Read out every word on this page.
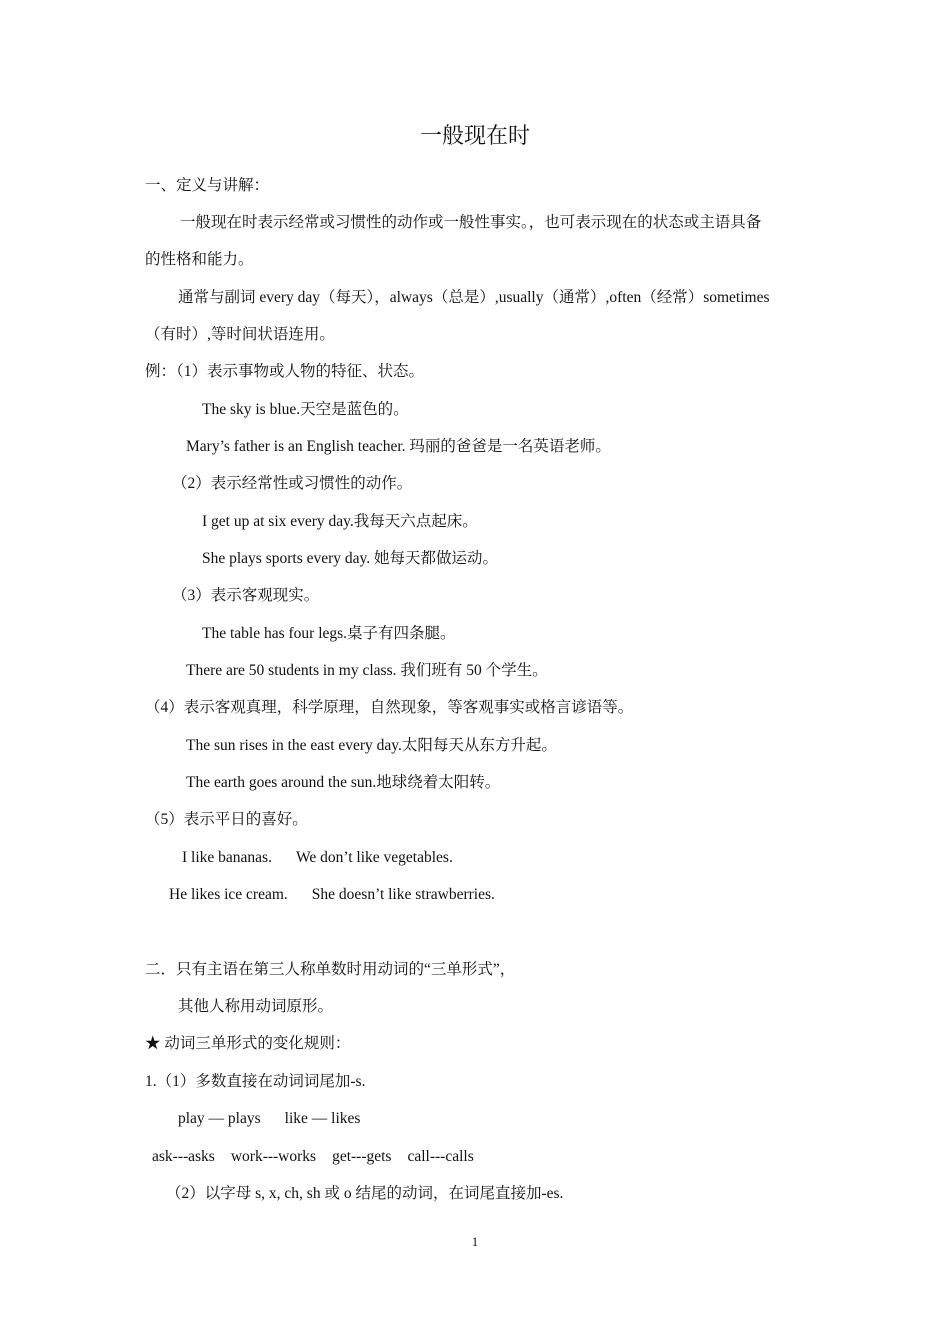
一般现在时
一、定义与讲解：
一般现在时表示经常或习惯性的动作或一般性事实。，也可表示现在的状态或主语具备
的性格和能力。
通常与副词 every day（每天），always（总是）,usually（通常）,often（经常）sometimes
（有时）,等时间状语连用。
例：（1）表示事物或人物的特征、状态。
The sky is blue.天空是蓝色的。
Mary’s father is an English teacher. 玛丽的爸爸是一名英语老师。
（2）表示经常性或习惯性的动作。
I get up at six every day.我每天六点起床。
She plays sports every day. 她每天都做运动。
（3）表示客观现实。
The table has four legs.桌子有四条腿。
There are 50 students in my class. 我们班有 50 个学生。
（4）表示客观真理，科学原理，自然现象，等客观事实或格言谚语等。
The sun rises in the east every day.太阳每天从东方升起。
The earth goes around the sun.地球绕着太阳转。
（5）表示平日的喜好。
I like bananas. We don’t like vegetables.
He likes ice cream. She doesn’t like strawberries.
二．只有主语在第三人称单数时用动词的“三单形式”，
其他人称用动词原形。
★ 动词三单形式的变化规则：
1.（1）多数直接在动词词尾加-s.
play — plays like — likes
ask---asks work---works get---gets call---calls
（2）以字母 s, x, ch, sh 或 o 结尾的动词，在词尾直接加-es.
1
